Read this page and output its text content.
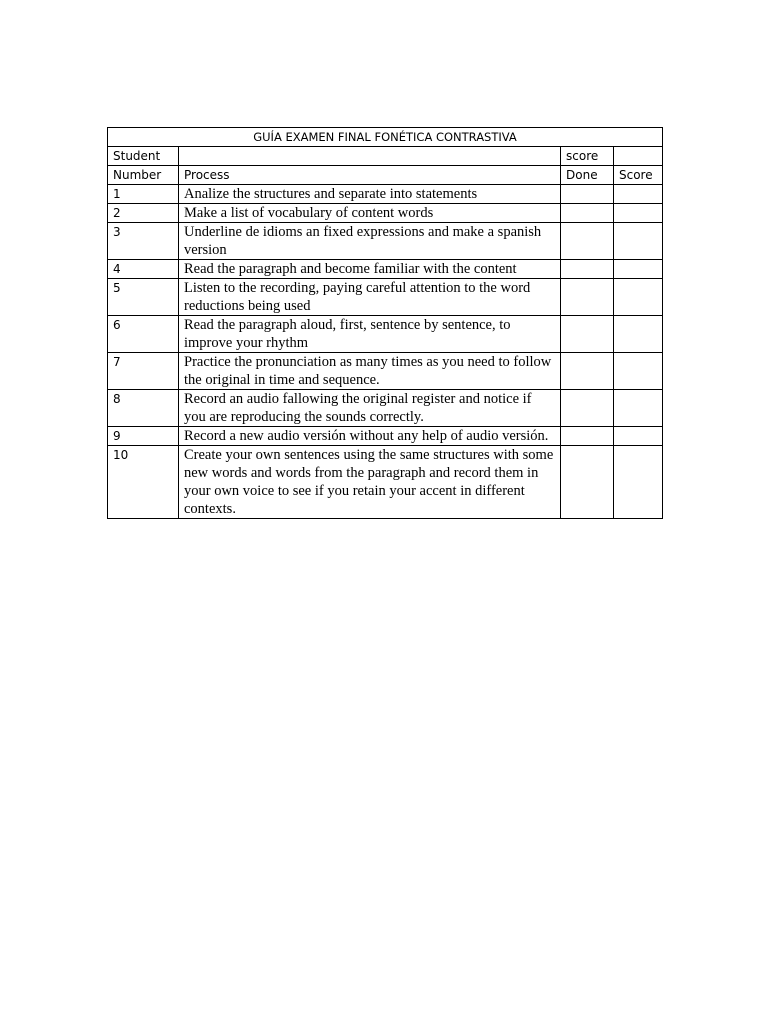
GUÍA EXAMEN FINAL FONÉTICA CONTRASTIVA			
Student		score	
Number	Process	Done	Score
1	Analize the structures and separate into statements		
2	Make a list of vocabulary of content words		
3	Underline de idioms an fixed expressions and make a spanish version		
4	Read the paragraph and become familiar with the content		
5	Listen to the recording, paying careful attention to the word reductions being used		
6	Read the paragraph aloud, first, sentence by sentence, to improve your rhythm		
7	Practice the pronunciation as many times as you need to follow the original in time and sequence.		
8	Record an audio fallowing the original register and notice if you are reproducing the sounds correctly.		
9	Record a new audio versión without any help of audio versión.		
10	Create your own sentences using the same structures with some new words and words from the paragraph and record them in your own voice to see if you retain your accent in different contexts.		
